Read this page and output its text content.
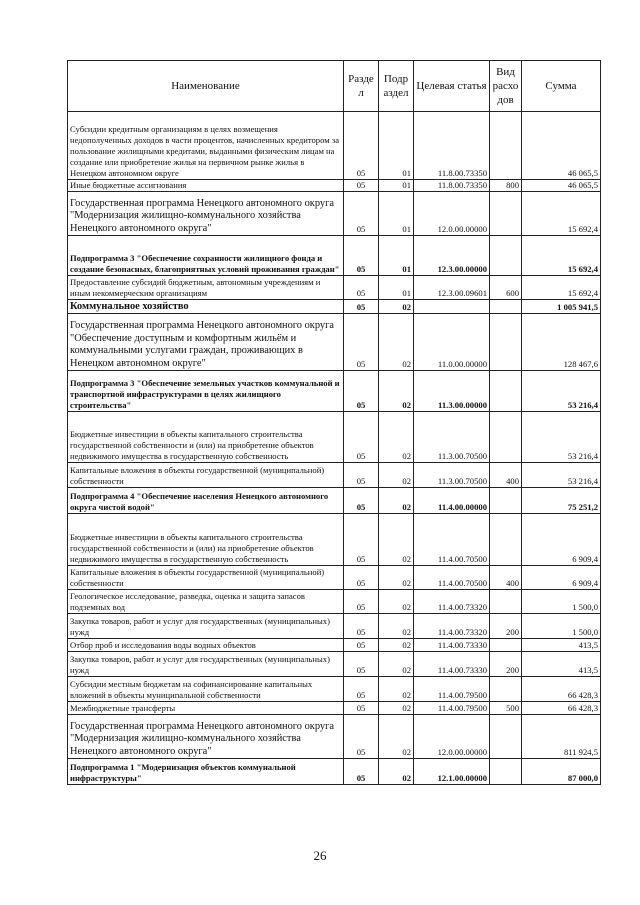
Наименование	Разде л	Подр аздел	Целевая статья	Вид расхо дов	Сумма
Субсидии кредитным организациям в целях возмещения недополученных доходов в части процентов, начисленных кредитором за пользование жилищными кредитами, выданными физическим лицам на создание или приобретение жилья на первичном рынке жилья в Ненецком автономном округе	05	01	11.8.00.73350		46 065,5
Иные бюджетные ассигнования	05	01	11.8.00.73350	800	46 065,5
Государственная программа Ненецкого автономного округа "Модернизация жилищно-коммунального хозяйства Ненецкого автономного округа"	05	01	12.0.00.00000		15 692,4
Подпрограмма 3 "Обеспечение сохранности жилищного фонда и создание безопасных, благоприятных условий проживания граждан"	05	01	12.3.00.00000		15 692,4
Предоставление субсидий бюджетным, автономным учреждениям и иным некоммерческим организациям	05	01	12.3.00.09601	600	15 692,4
Коммунальное хозяйство	05	02			1 005 941,5
Государственная программа Ненецкого автономного округа "Обеспечение доступным и комфортным жильём и коммунальными услугами граждан, проживающих в Ненецком автономном округе"	05	02	11.0.00.00000		128 467,6
Подпрограмма 3 "Обеспечение земельных участков коммунальной и транспортной инфраструктурами в целях жилищного строительства"	05	02	11.3.00.00000		53 216,4
Бюджетные инвестиции в объекты капитального строительства государственной собственности и (или) на приобретение объектов недвижимого имущества в государственную собственность	05	02	11.3.00.70500		53 216,4
Капитальные вложения в объекты государственной (муниципальной) собственности	05	02	11.3.00.70500	400	53 216,4
Подпрограмма 4 "Обеспечение населения Ненецкого автономного округа чистой водой"	05	02	11.4.00.00000		75 251,2
Бюджетные инвестиции в объекты капитального строительства государственной собственности и (или) на приобретение объектов недвижимого имущества в государственную собственность	05	02	11.4.00.70500		6 909,4
Капитальные вложения в объекты государственной (муниципальной) собственности	05	02	11.4.00.70500	400	6 909,4
Геологическое исследование, разведка, оценка и защита запасов подземных вод	05	02	11.4.00.73320		1 500,0
Закупка товаров, работ и услуг для государственных (муниципальных) нужд	05	02	11.4.00.73320	200	1 500,0
Отбор проб и исследования воды водных объектов	05	02	11.4.00.73330		413,5
Закупка товаров, работ и услуг для государственных (муниципальных) нужд	05	02	11.4.00.73330	200	413,5
Субсидии местным бюджетам на софинансирование капитальных вложений в объекты муниципальной собственности	05	02	11.4.00.79500		66 428,3
Межбюджетные трансферты	05	02	11.4.00.79500	500	66 428,3
Государственная программа Ненецкого автономного округа "Модернизация жилищно-коммунального хозяйства Ненецкого автономного округа"	05	02	12.0.00.00000		811 924,5
Подпрограмма 1 "Модернизация объектов коммунальной инфраструктуры"	05	02	12.1.00.00000		87 000,0
26
